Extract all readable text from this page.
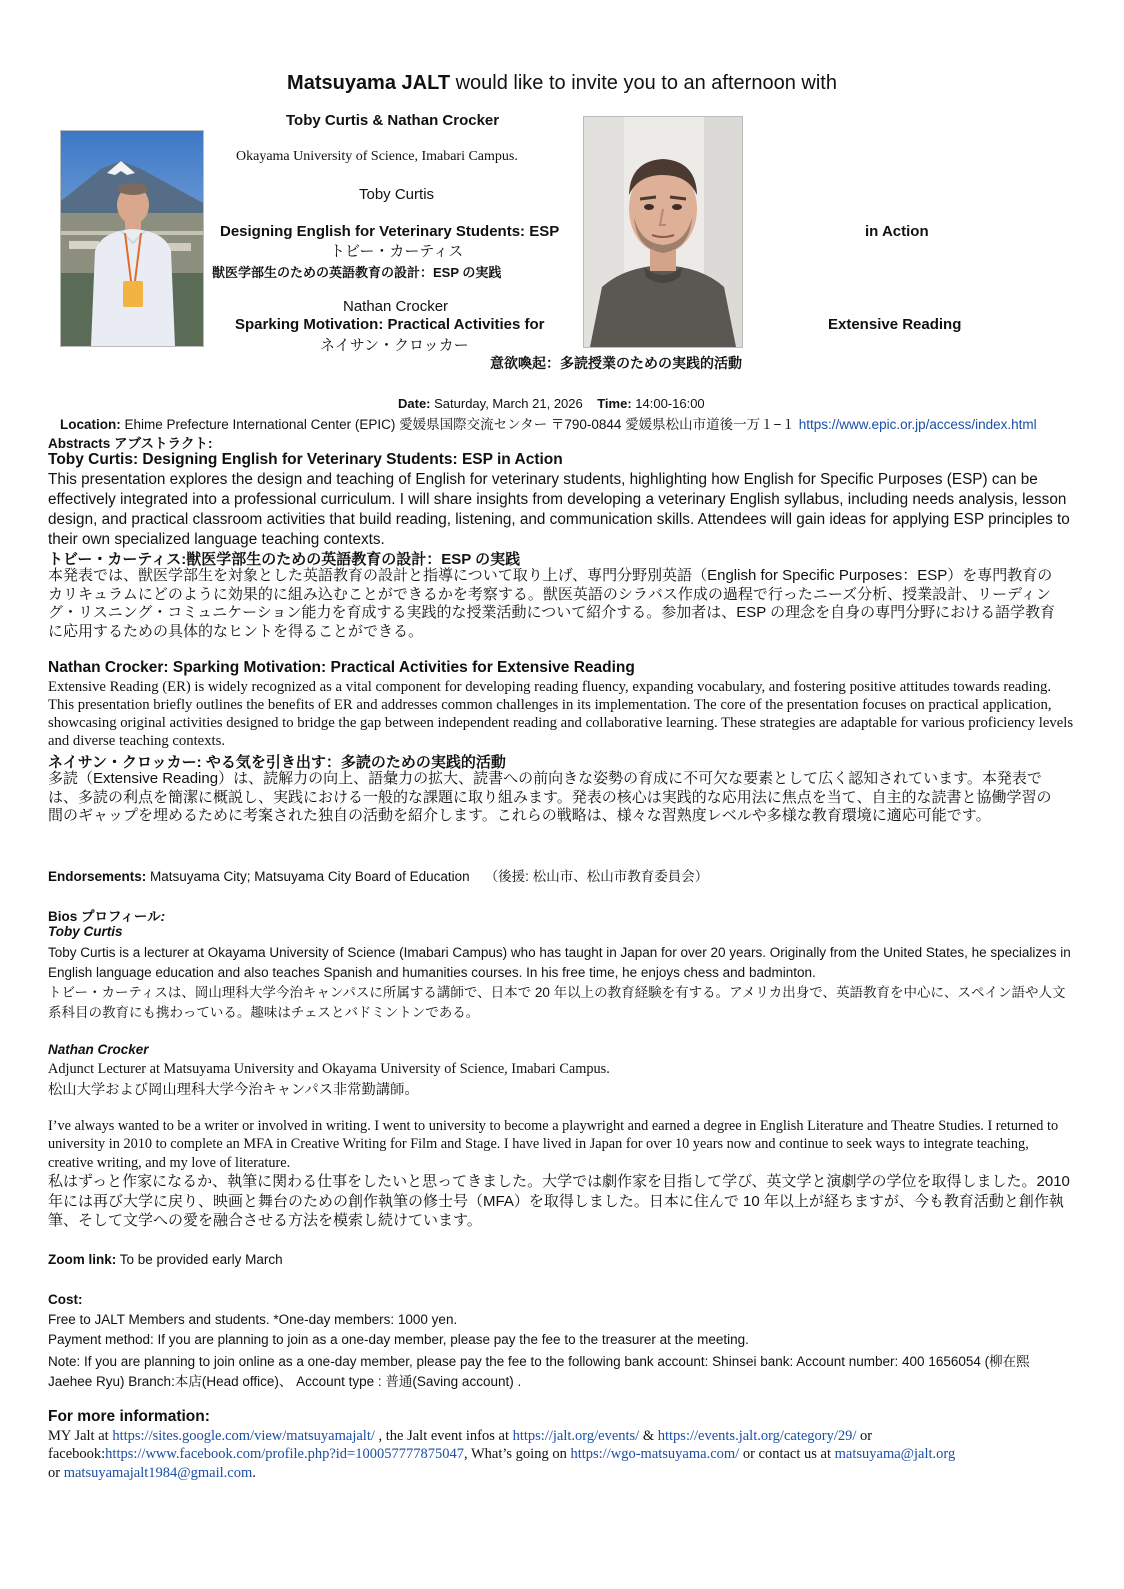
Matsuyama JALT would like to invite you to an afternoon with
Toby Curtis & Nathan Crocker
Okayama University of Science, Imabari Campus.
Toby Curtis
Designing English for Veterinary Students: ESP	in Action
トビー・カーティス
獣医学部生のための英語教育の設計：ESP の実践
Nathan Crocker
Sparking Motivation: Practical Activities for	Extensive Reading
ネイサン・クロッカー
意欲喚起：多読授業のための実践的活動
Date: Saturday, March 21, 2026 Time: 14:00-16:00
Location: Ehime Prefecture International Center (EPIC) 愛媛県国際交流センター 〒790-0844 愛媛県松山市道後一万１−１ https://www.epic.or.jp/access/index.html
Abstracts アブストラクト:
Toby Curtis: Designing English for Veterinary Students: ESP in Action
This presentation explores the design and teaching of English for veterinary students, highlighting how English for Specific Purposes (ESP) can be effectively integrated into a professional curriculum. I will share insights from developing a veterinary English syllabus, including needs analysis, lesson design, and practical classroom activities that build reading, listening, and communication skills. Attendees will gain ideas for applying ESP principles to their own specialized language teaching contexts.
トビー・カーティス:獣医学部生のための英語教育の設計：ESP の実践
本発表では、獣医学部生を対象とした英語教育の設計と指導について取り上げ、専門分野別英語（English for Specific Purposes：ESP）を専門教育のカリキュラムにどのように効果的に組み込むことができるかを考察する。獣医英語のシラバス作成の過程で行ったニーズ分析、授業設計、リーディング・リスニング・コミュニケーション能力を育成する実践的な授業活動について紹介する。参加者は、ESP の理念を自身の専門分野における語学教育に応用するための具体的なヒントを得ることができる。
Nathan Crocker: Sparking Motivation: Practical Activities for Extensive Reading
Extensive Reading (ER) is widely recognized as a vital component for developing reading fluency, expanding vocabulary, and fostering positive attitudes towards reading. This presentation briefly outlines the benefits of ER and addresses common challenges in its implementation. The core of the presentation focuses on practical application, showcasing original activities designed to bridge the gap between independent reading and collaborative learning. These strategies are adaptable for various proficiency levels and diverse teaching contexts.
ネイサン・クロッカー: やる気を引き出す：多読のための実践的活動
多読（Extensive Reading）は、読解力の向上、語彙力の拡大、読書への前向きな姿勢の育成に不可欠な要素として広く認知されています。本発表では、多読の利点を簡潔に概説し、実践における一般的な課題に取り組みます。発表の核心は実践的な応用法に焦点を当て、自主的な読書と協働学習の間のギャップを埋めるために考案された独自の活動を紹介します。これらの戦略は、様々な習熟度レベルや多様な教育環境に適応可能です。
Endorsements: Matsuyama City; Matsuyama City Board of Education （後援: 松山市、松山市教育委員会）
Bios プロフィール:
Toby Curtis
Toby Curtis is a lecturer at Okayama University of Science (Imabari Campus) who has taught in Japan for over 20 years. Originally from the United States, he specializes in English language education and also teaches Spanish and humanities courses. In his free time, he enjoys chess and badminton.
トビー・カーティスは、岡山理科大学今治キャンパスに所属する講師で、日本で 20 年以上の教育経験を有する。アメリカ出身で、英語教育を中心に、スペイン語や人文系科目の教育にも携わっている。趣味はチェスとバドミントンである。
Nathan Crocker
Adjunct Lecturer at Matsuyama University and Okayama University of Science, Imabari Campus.
松山大学および岡山理科大学今治キャンパス非常勤講師。
I’ve always wanted to be a writer or involved in writing. I went to university to become a playwright and earned a degree in English Literature and Theatre Studies. I returned to university in 2010 to complete an MFA in Creative Writing for Film and Stage. I have lived in Japan for over 10 years now and continue to seek ways to integrate teaching, creative writing, and my love of literature.
私はずっと作家になるか、執筆に関わる仕事をしたいと思ってきました。大学では劇作家を目指して学び、英文学と演劇学の学位を取得しました。2010 年には再び大学に戻り、映画と舞台のための創作執筆の修士号（MFA）を取得しました。日本に住んで 10 年以上が経ちますが、今も教育活動と創作執筆、そして文学への愛を融合させる方法を模索し続けています。
Zoom link: To be provided early March
Cost:
Free to JALT Members and students. *One-day members: 1000 yen.
Payment method: If you are planning to join as a one-day member, please pay the fee to the treasurer at the meeting.
Note: If you are planning to join online as a one-day member, please pay the fee to the following bank account: Shinsei bank: Account number: 400 1656054 (柳在熙 Jaehee Ryu) Branch:本店(Head office)、 Account type : 普通(Saving account) .
For more information:
MY Jalt at https://sites.google.com/view/matsuyamajalt/ , the Jalt event infos at https://jalt.org/events/ & https://events.jalt.org/category/29/ or facebook:https://www.facebook.com/profile.php?id=100057777875047, What’s going on https://wgo-matsuyama.com/ or contact us at matsuyama@jalt.org
or matsuyamajalt1984@gmail.com.
